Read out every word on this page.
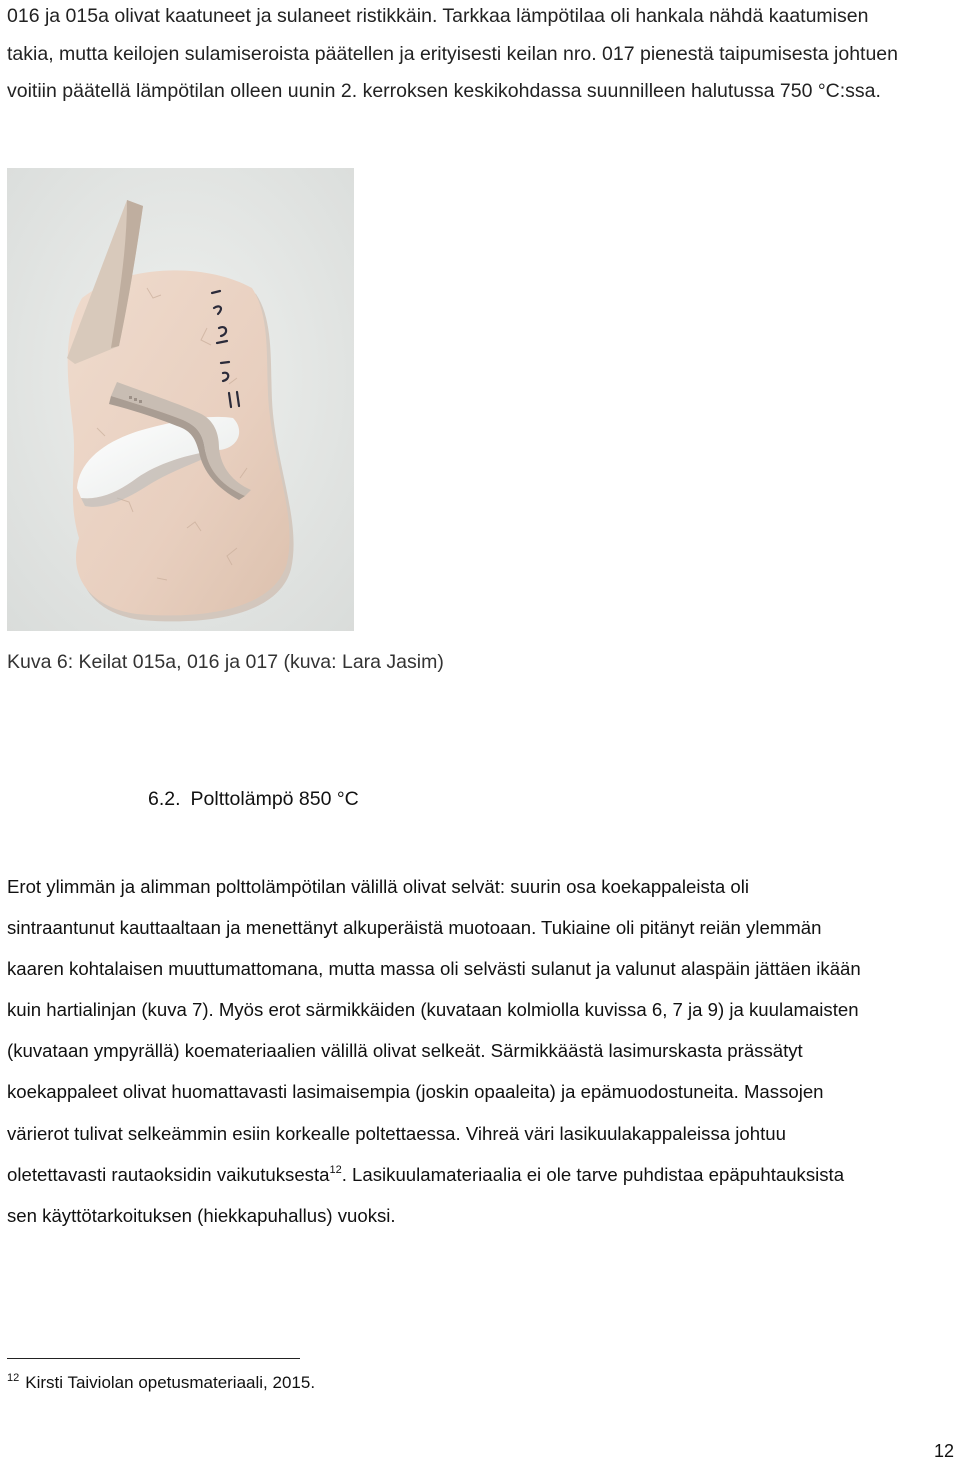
016 ja 015a olivat kaatuneet ja sulaneet ristikkäin. Tarkkaa lämpötilaa oli hankala nähdä kaatumisen
takia, mutta keilojen sulamiseroista päätellen ja erityisesti keilan nro. 017 pienestä taipumisesta johtuen
voitiin päätellä lämpötilan olleen uunin 2. kerroksen keskikohdassa suunnilleen halutussa 750 °C:ssa.

Kuva 6: Keilat 015a, 016 ja 017 (kuva: Lara Jasim)

6.2. Polttolämpö 850 °C
Erot ylimmän ja alimman polttolämpötilan välillä olivat selvät: suurin osa koekappaleista oli
sintraantunut kauttaaltaan ja menettänyt alkuperäistä muotoaan. Tukiaine oli pitänyt reiän ylemmän
kaaren kohtalaisen muuttumattomana, mutta massa oli selvästi sulanut ja valunut alaspäin jättäen ikään
kuin hartialinjan (kuva 7). Myös erot särmikkäiden (kuvataan kolmiolla kuvissa 6, 7 ja 9) ja kuulamaisten
(kuvataan ympyrällä) koemateriaalien välillä olivat selkeät. Särmikkäästä lasimurskasta prässätyt
koekappaleet olivat huomattavasti lasimaisempia (joskin opaaleita) ja epämuodostuneita. Massojen
värierot tulivat selkeämmin esiin korkealle poltettaessa. Vihreä väri lasikuulakappaleissa johtuu
oletettavasti rautaoksidin vaikutuksesta$^{12}$. Lasikuulamateriaalia ei ole tarve puhdistaa epäpuhtauksista
sen käyttötarkoituksen (hiekkapuhallus) vuoksi.

$^{12}$ Kirsti Taiviolan opetusmateriaali, 2015.

12
